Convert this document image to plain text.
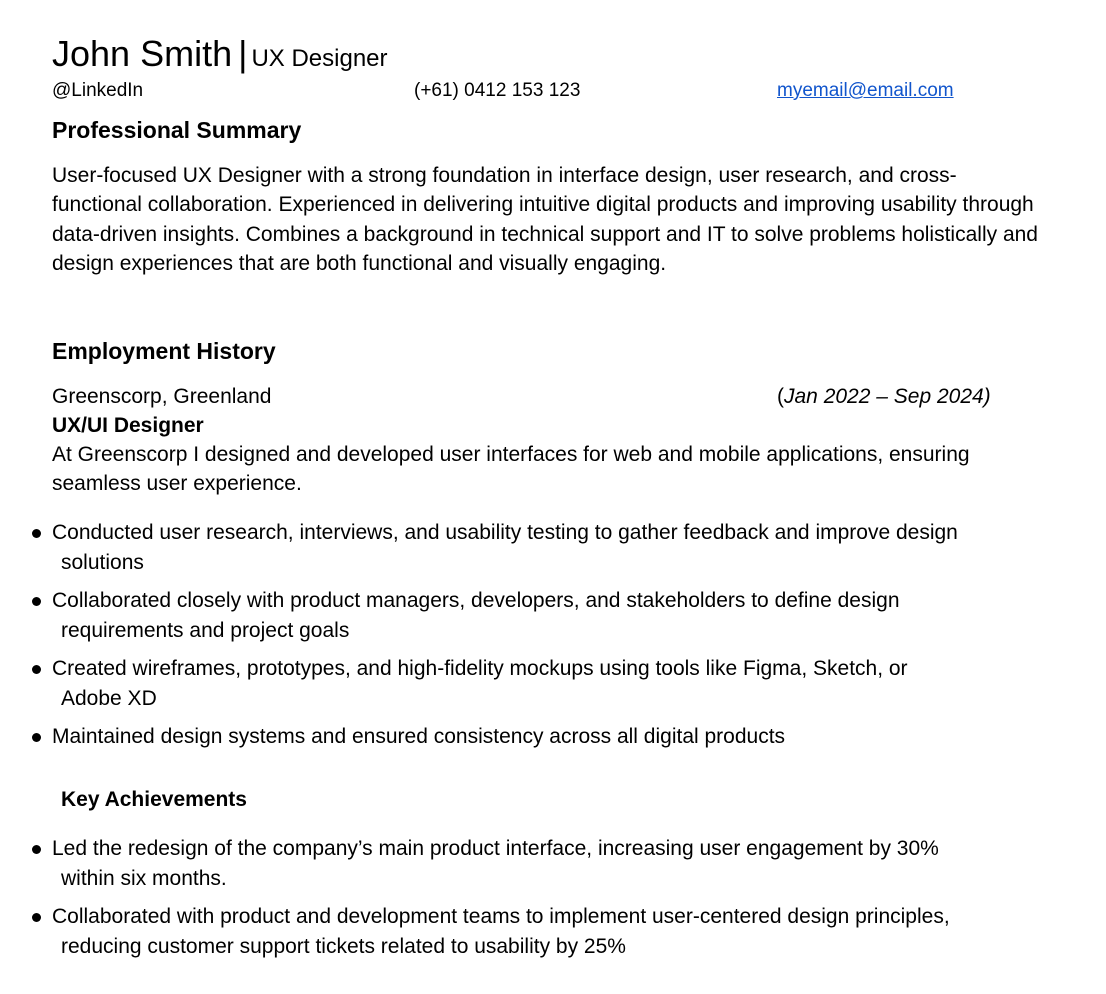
John Smith | UX Designer
@LinkedIn	(+61) 0412 153 123	myemail@email.com
Professional Summary
User-focused UX Designer with a strong foundation in interface design, user research, and cross-functional collaboration. Experienced in delivering intuitive digital products and improving usability through data-driven insights. Combines a background in technical support and IT to solve problems holistically and design experiences that are both functional and visually engaging.
Employment History
Greenscorp, Greenland	(Jan 2022 – Sep 2024)
UX/UI Designer
At Greenscorp I designed and developed user interfaces for web and mobile applications, ensuring seamless user experience.
Conducted user research, interviews, and usability testing to gather feedback and improve design
solutions
Collaborated closely with product managers, developers, and stakeholders to define design
requirements and project goals
Created wireframes, prototypes, and high-fidelity mockups using tools like Figma, Sketch, or
Adobe XD
Maintained design systems and ensured consistency across all digital products
Key Achievements
Led the redesign of the company’s main product interface, increasing user engagement by 30%
within six months.
Collaborated with product and development teams to implement user-centered design principles,
reducing customer support tickets related to usability by 25%
